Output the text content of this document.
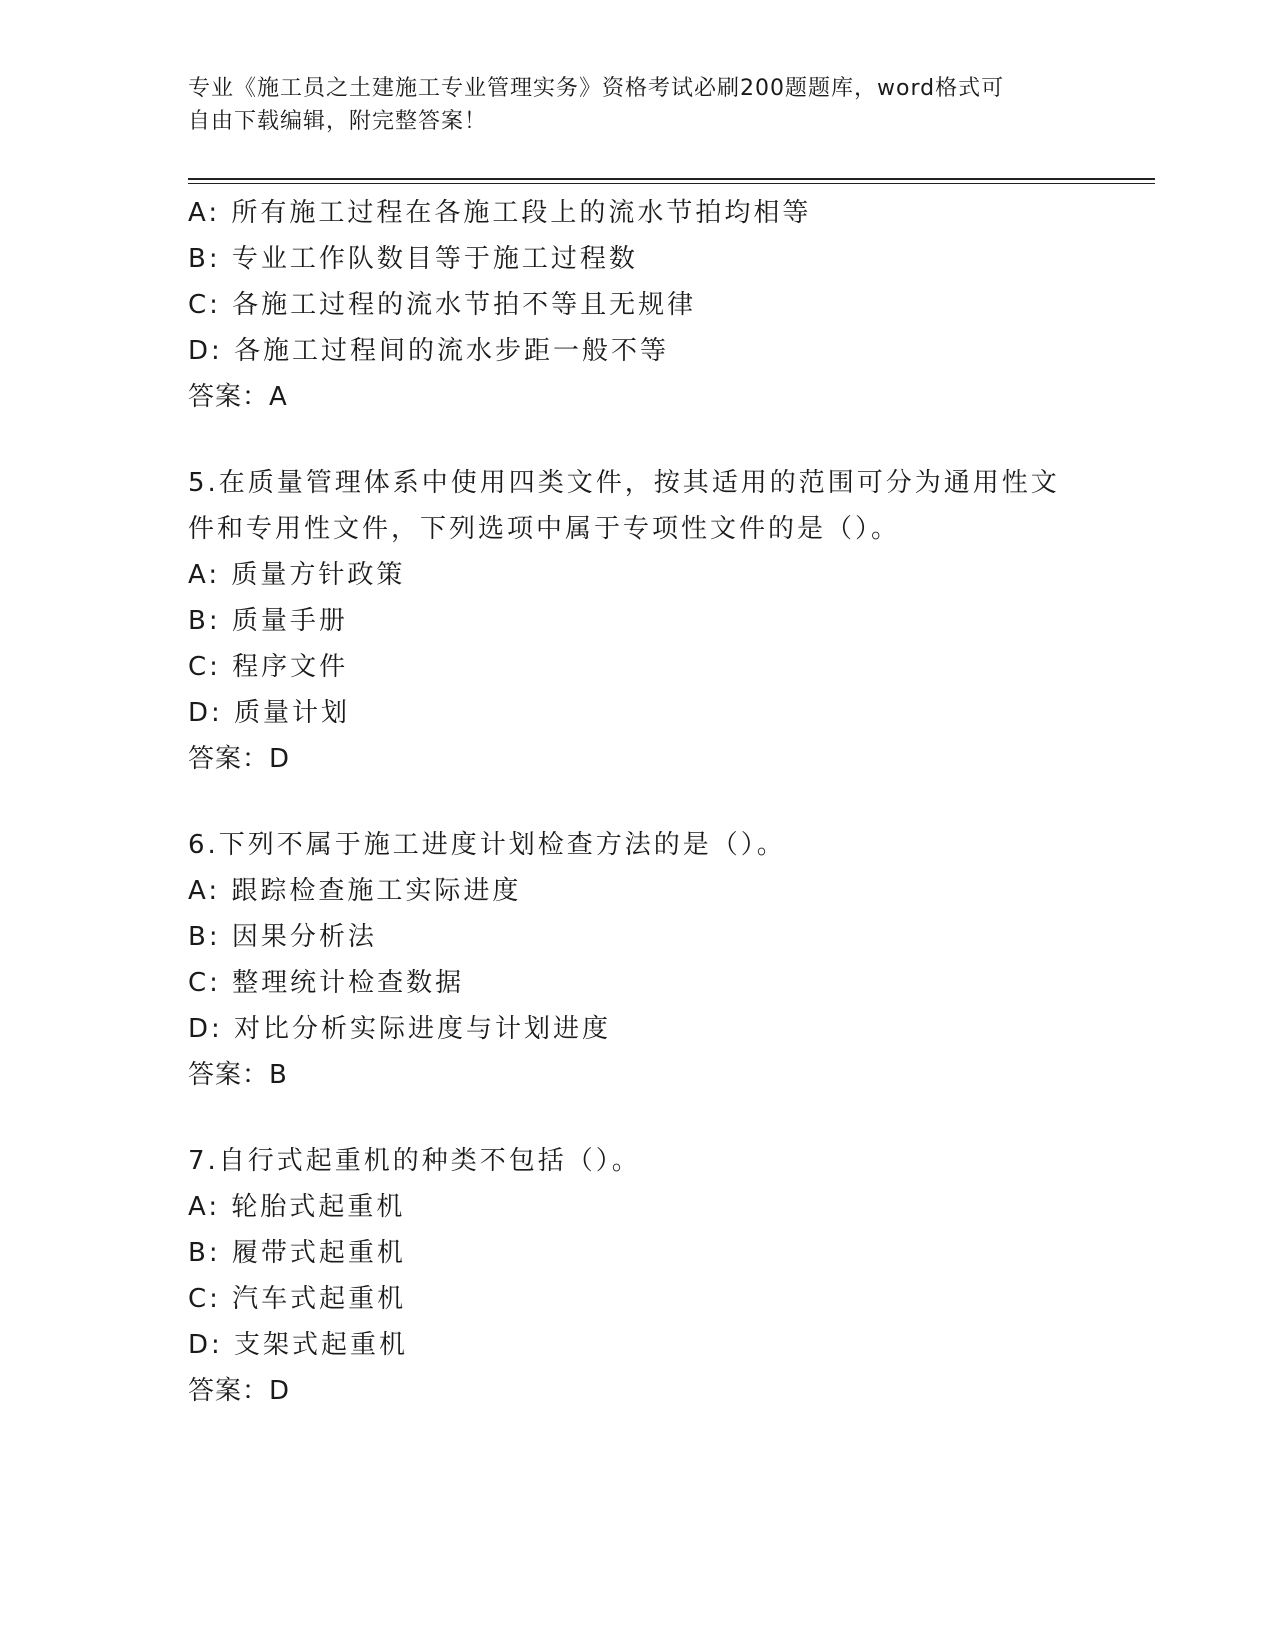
专业《施工员之土建施工专业管理实务》资格考试必刷200题题库，word格式可
自由下载编辑，附完整答案！
A: 所有施工过程在各施工段上的流水节拍均相等
B: 专业工作队数目等于施工过程数
C: 各施工过程的流水节拍不等且无规律
D: 各施工过程间的流水步距一般不等
答案：A
5.在质量管理体系中使用四类文件，按其适用的范围可分为通用性文
件和专用性文件，下列选项中属于专项性文件的是（）。
A: 质量方针政策
B: 质量手册
C: 程序文件
D: 质量计划
答案：D
6.下列不属于施工进度计划检查方法的是（）。
A: 跟踪检查施工实际进度
B: 因果分析法
C: 整理统计检查数据
D: 对比分析实际进度与计划进度
答案：B
7.自行式起重机的种类不包括（）。
A: 轮胎式起重机
B: 履带式起重机
C: 汽车式起重机
D: 支架式起重机
答案：D
